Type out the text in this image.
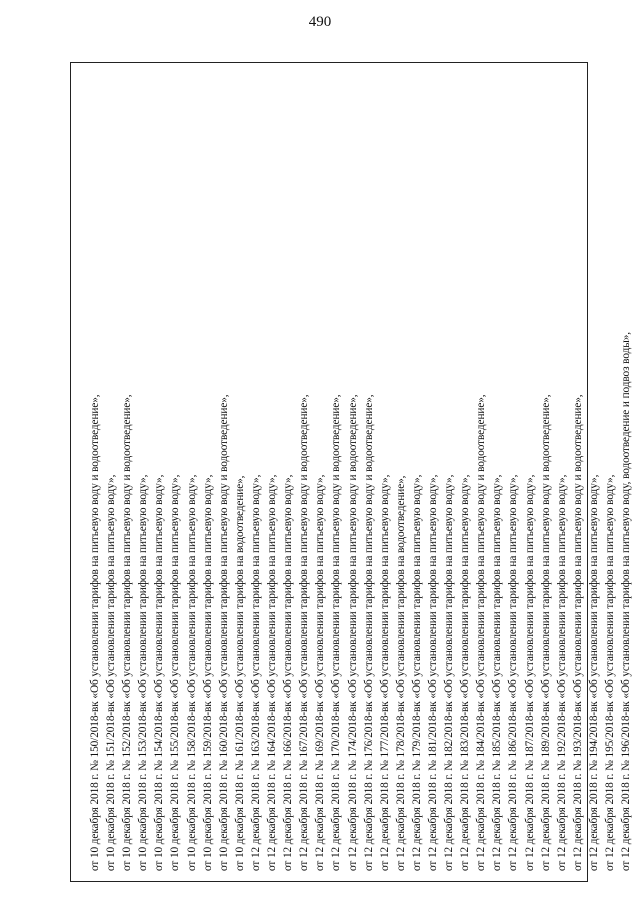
490
от 10 декабря 2018 г. № 150/2018-вк «Об установлении тарифов на питьевую воду и водоотведение», от 10 декабря 2018 г. № 151/2018-вк «Об установлении тарифов на питьевую воду», от 10 декабря 2018 г. № 152/2018-вк «Об установлении тарифов на питьевую воду и водоотведение», от 10 декабря 2018 г. № 153/2018-вк «Об установлении тарифов на питьевую воду», от 10 декабря 2018 г. № 154/2018-вк «Об установлении тарифов на питьевую воду», от 10 декабря 2018 г. № 155/2018-вк «Об установлении тарифов на питьевую воду», от 10 декабря 2018 г. № 158/2018-вк «Об установлении тарифов на питьевую воду», от 10 декабря 2018 г. № 159/2018-вк «Об установлении тарифов на питьевую воду», от 10 декабря 2018 г. № 160/2018-вк «Об установлении тарифов на питьевую воду и водоотведение», от 10 декабря 2018 г. № 161/2018-вк «Об установлении тарифов на водоотведение», от 12 декабря 2018 г. № 163/2018-вк «Об установлении тарифов на питьевую воду», от 12 декабря 2018 г. № 164/2018-вк «Об установлении тарифов на питьевую воду», от 12 декабря 2018 г. № 166/2018-вк «Об установлении тарифов на питьевую воду», от 12 декабря 2018 г. № 167/2018-вк «Об установлении тарифов на питьевую воду и водоотведение», от 12 декабря 2018 г. № 169/2018-вк «Об установлении тарифов на питьевую воду», от 12 декабря 2018 г. № 170/2018-вк «Об установлении тарифов на питьевую воду и водоотведение», от 12 декабря 2018 г. № 174/2018-вк «Об установлении тарифов на питьевую воду и водоотведение», от 12 декабря 2018 г. № 176/2018-вк «Об установлении тарифов на питьевую воду и водоотведение», от 12 декабря 2018 г. № 177/2018-вк «Об установлении тарифов на питьевую воду», от 12 декабря 2018 г. № 178/2018-вк «Об установлении тарифов на водоотведение», от 12 декабря 2018 г. № 179/2018-вк «Об установлении тарифов на питьевую воду», от 12 декабря 2018 г. № 181/2018-вк «Об установлении тарифов на питьевую воду», от 12 декабря 2018 г. № 182/2018-вк «Об установлении тарифов на питьевую воду», от 12 декабря 2018 г. № 183/2018-вк «Об установлении тарифов на питьевую воду», от 12 декабря 2018 г. № 184/2018-вк «Об установлении тарифов на питьевую воду и водоотведение», от 12 декабря 2018 г. № 185/2018-вк «Об установлении тарифов на питьевую воду», от 12 декабря 2018 г. № 186/2018-вк «Об установлении тарифов на питьевую воду», от 12 декабря 2018 г. № 187/2018-вк «Об установлении тарифов на питьевую воду», от 12 декабря 2018 г. № 189/2018-вк «Об установлении тарифов на питьевую воду и водоотведение», от 12 декабря 2018 г. № 192/2018-вк «Об установлении тарифов на питьевую воду», от 12 декабря 2018 г. № 193/2018-вк «Об установлении тарифов на питьевую воду и водоотведение», от 12 декабря 2018 г. № 194/2018-вк «Об установлении тарифов на питьевую воду», от 12 декабря 2018 г. № 195/2018-вк «Об установлении тарифов на питьевую воду», от 12 декабря 2018 г. № 196/2018-вк «Об установлении тарифов на питьевую воду, водоотведение и подвоз воды»,
